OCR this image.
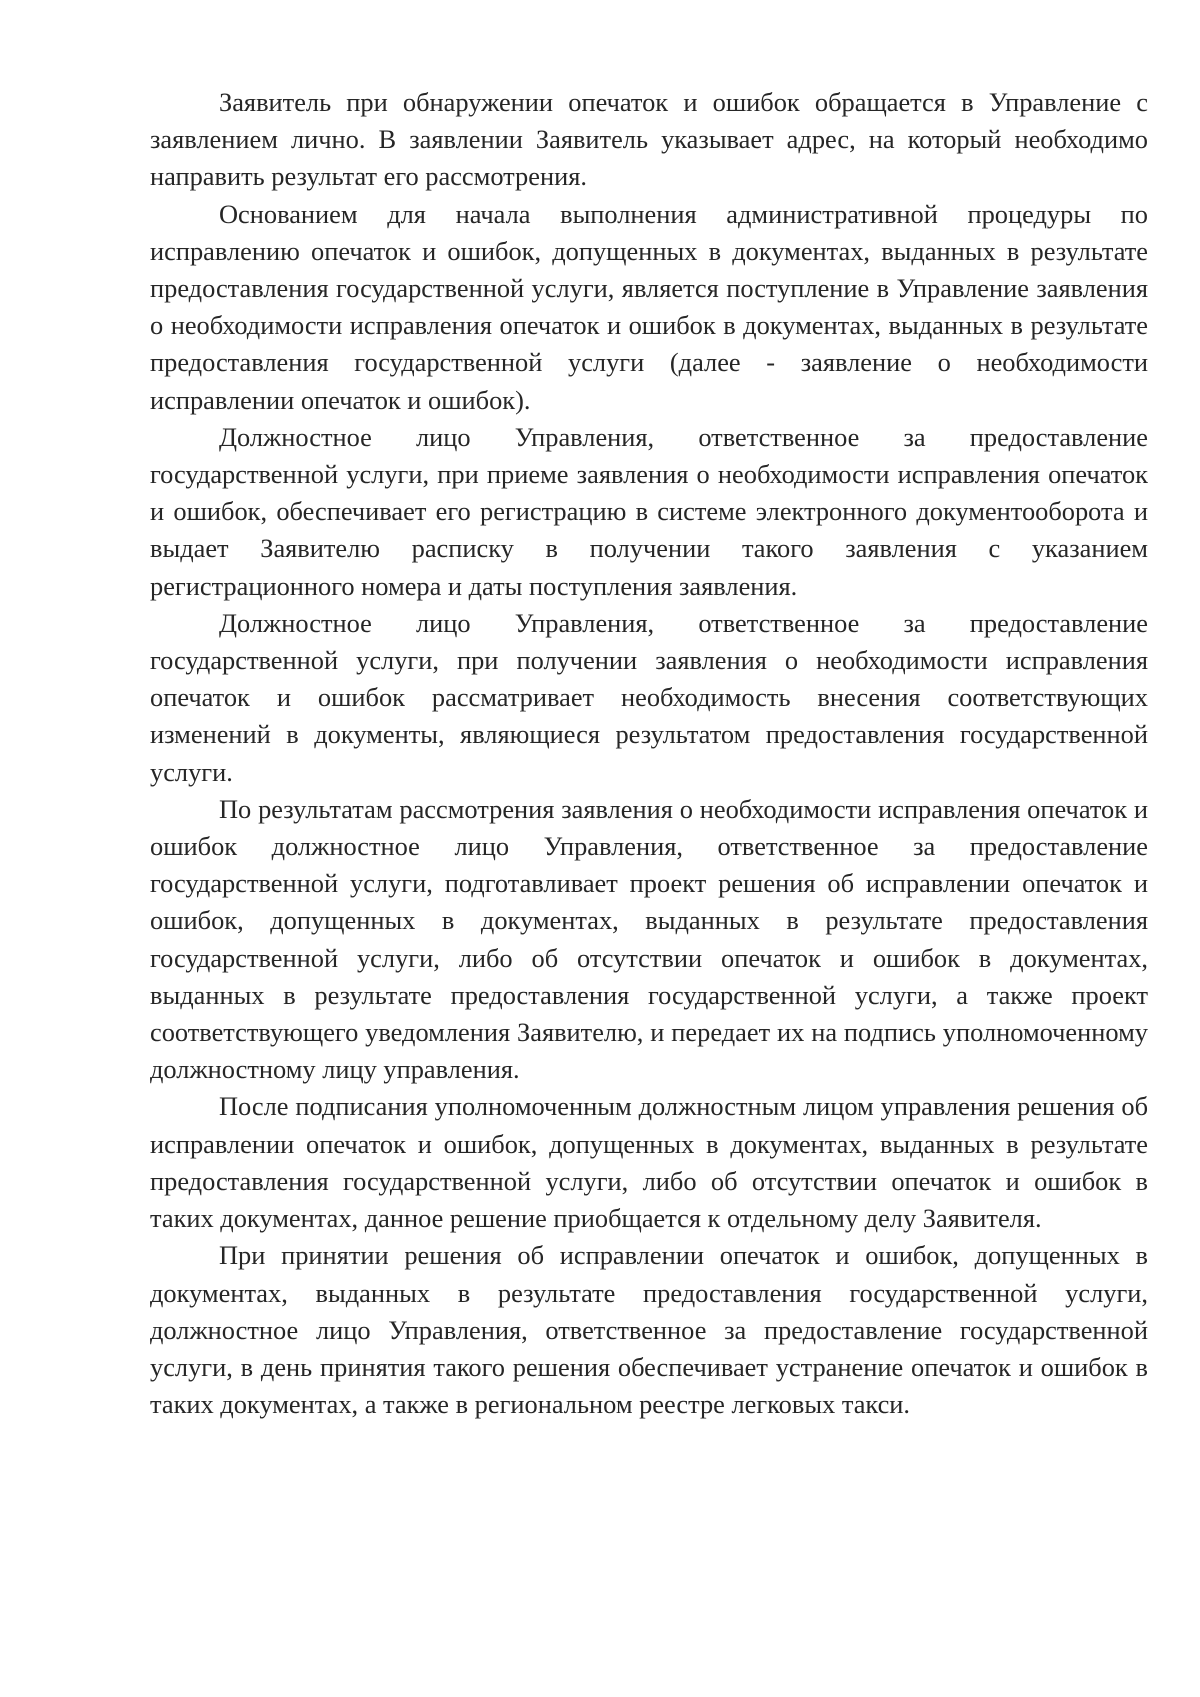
Заявитель при обнаружении опечаток и ошибок обращается в Управление с заявлением лично. В заявлении Заявитель указывает адрес, на который необходимо направить результат его рассмотрения.

Основанием для начала выполнения административной процедуры по исправлению опечаток и ошибок, допущенных в документах, выданных в результате предоставления государственной услуги, является поступление в Управление заявления о необходимости исправления опечаток и ошибок в документах, выданных в результате предоставления государственной услуги (далее - заявление о необходимости исправлении опечаток и ошибок).

Должностное лицо Управления, ответственное за предоставление государственной услуги, при приеме заявления о необходимости исправления опечаток и ошибок, обеспечивает его регистрацию в системе электронного документооборота и выдает Заявителю расписку в получении такого заявления с указанием регистрационного номера и даты поступления заявления.

Должностное лицо Управления, ответственное за предоставление государственной услуги, при получении заявления о необходимости исправления опечаток и ошибок рассматривает необходимость внесения соответствующих изменений в документы, являющиеся результатом предоставления государственной услуги.

По результатам рассмотрения заявления о необходимости исправления опечаток и ошибок должностное лицо Управления, ответственное за предоставление государственной услуги, подготавливает проект решения об исправлении опечаток и ошибок, допущенных в документах, выданных в результате предоставления государственной услуги, либо об отсутствии опечаток и ошибок в документах, выданных в результате предоставления государственной услуги, а также проект соответствующего уведомления Заявителю, и передает их на подпись уполномоченному должностному лицу управления.

После подписания уполномоченным должностным лицом управления решения об исправлении опечаток и ошибок, допущенных в документах, выданных в результате предоставления государственной услуги, либо об отсутствии опечаток и ошибок в таких документах, данное решение приобщается к отдельному делу Заявителя.

При принятии решения об исправлении опечаток и ошибок, допущенных в документах, выданных в результате предоставления государственной услуги, должностное лицо Управления, ответственное за предоставление государственной услуги, в день принятия такого решения обеспечивает устранение опечаток и ошибок в таких документах, а также в региональном реестре легковых такси.
